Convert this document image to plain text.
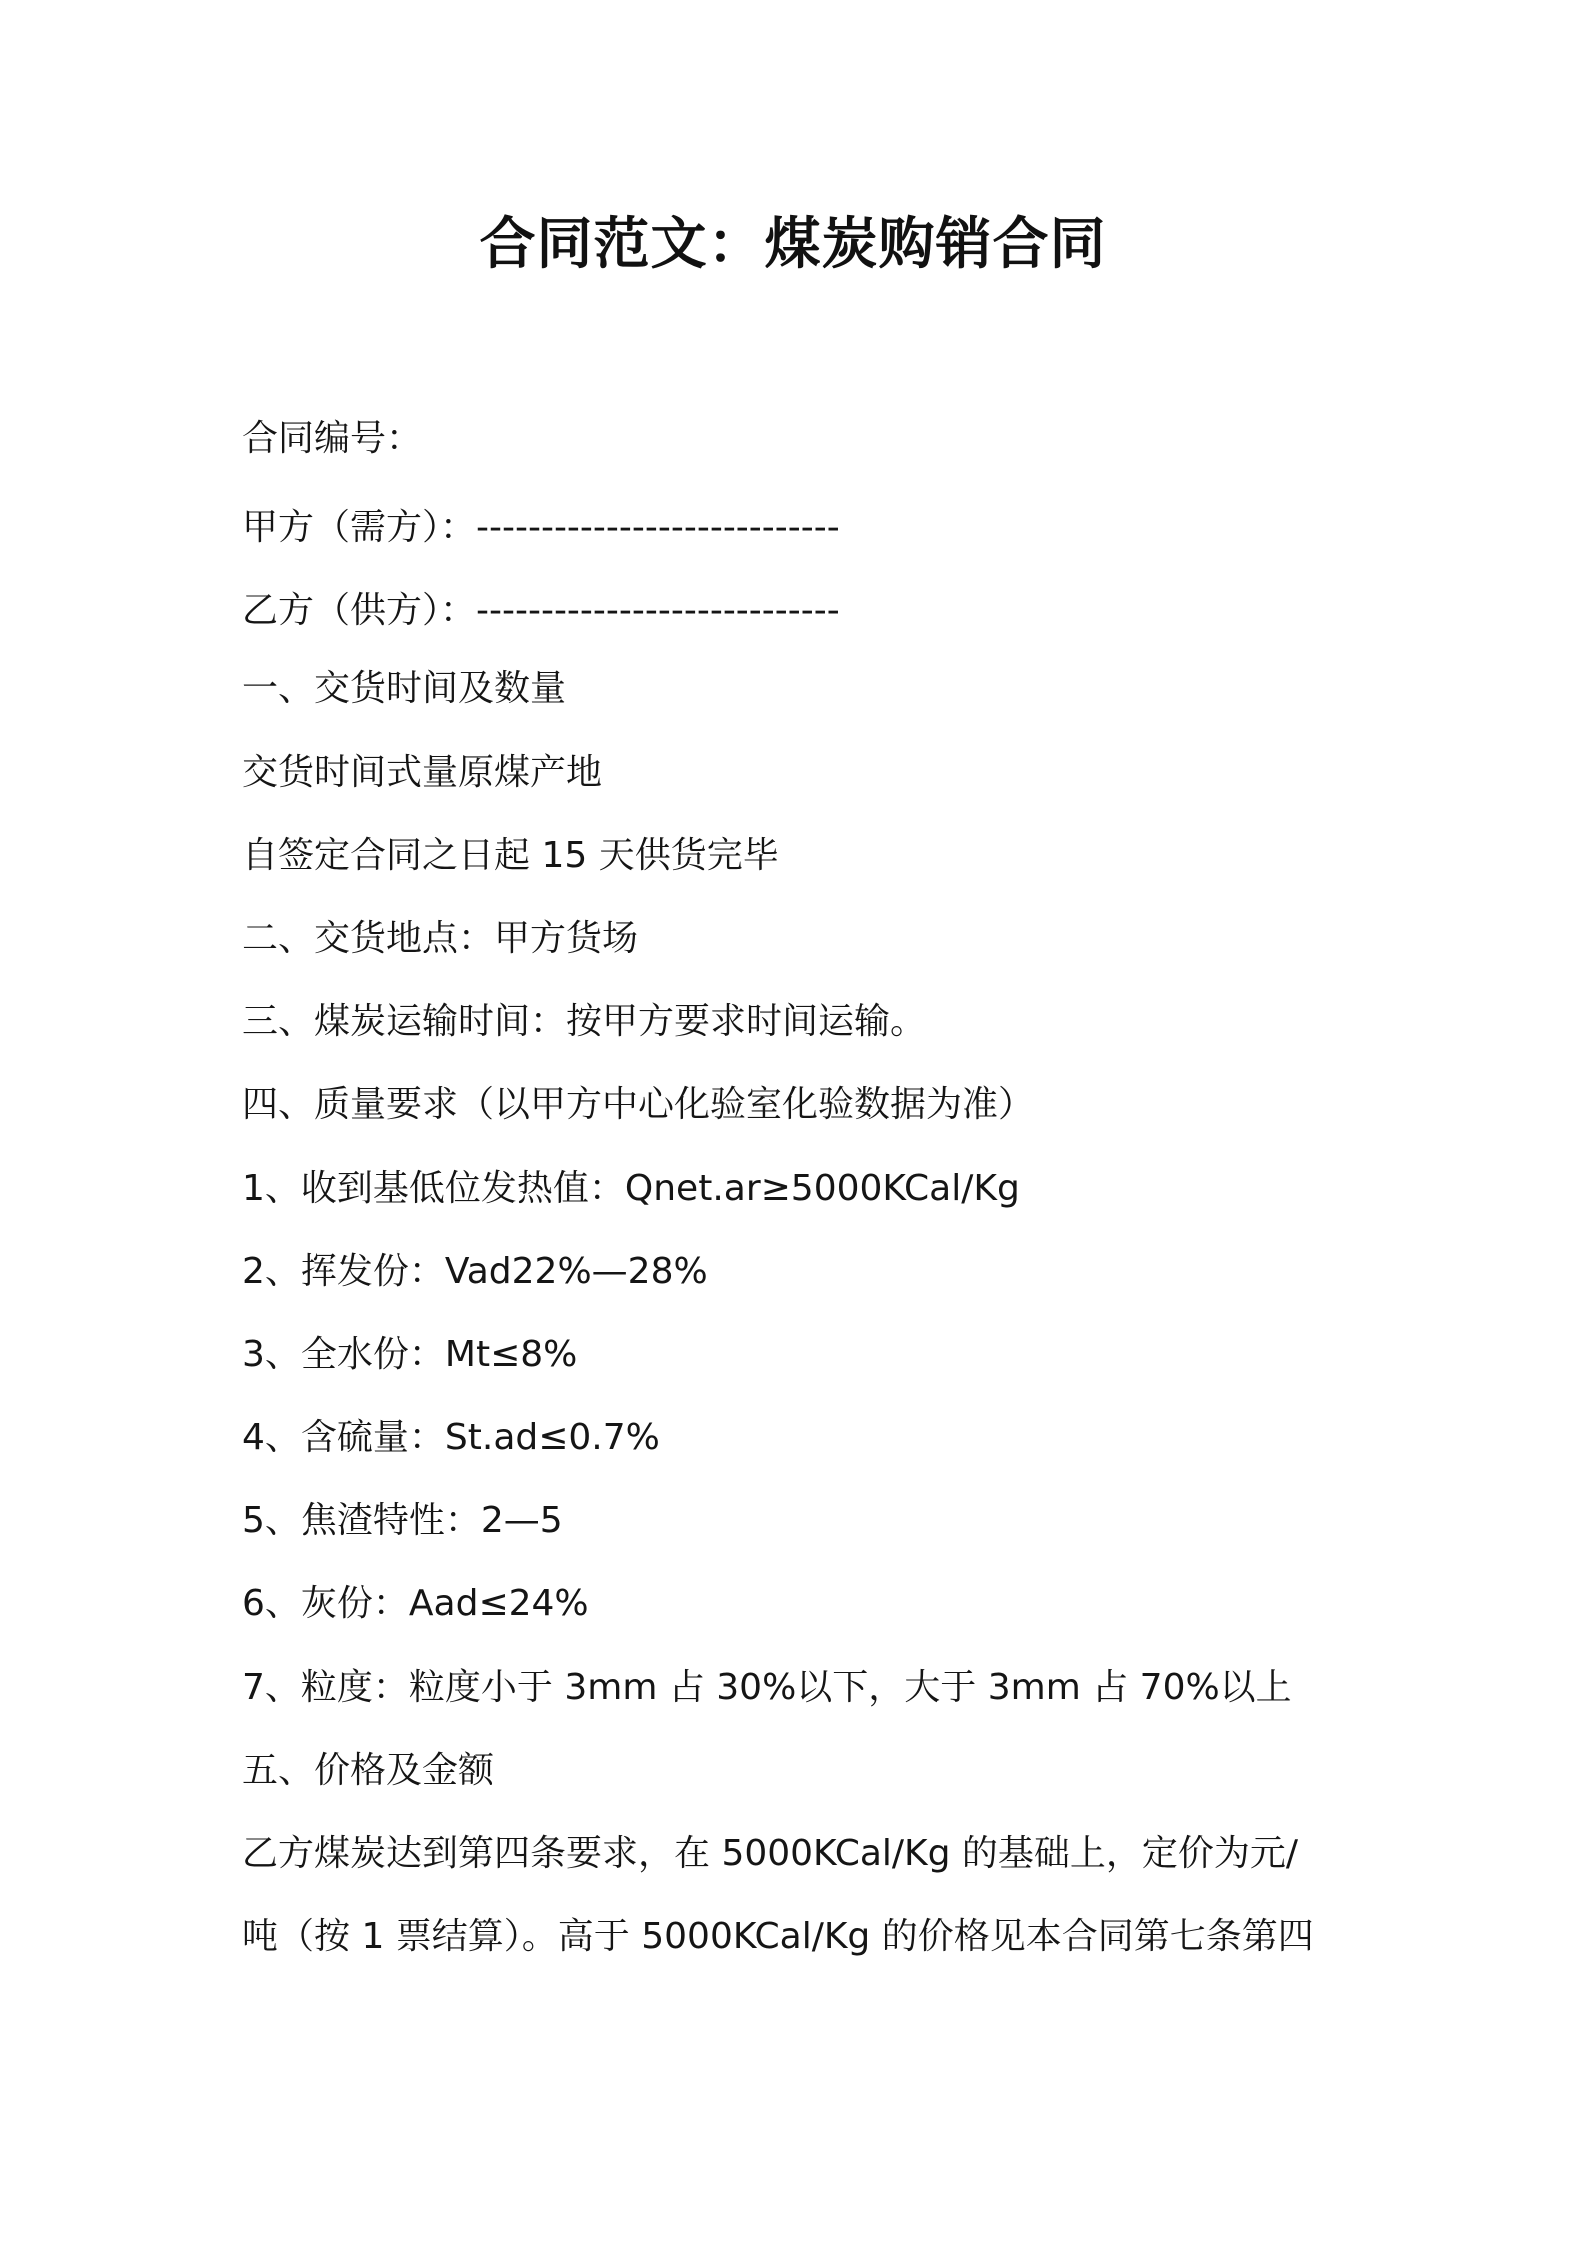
合同范文：煤炭购销合同
合同编号：
甲方（需方）：----------------------------
乙方（供方）：----------------------------
一、交货时间及数量
交货时间式量原煤产地
自签定合同之日起 15 天供货完毕
二、交货地点：甲方货场
三、煤炭运输时间：按甲方要求时间运输。
四、质量要求（以甲方中心化验室化验数据为准）
1、收到基低位发热值：Qnet.ar≥5000KCal/Kg
2、挥发份：Vad22%—28%
3、全水份：Mt≤8%
4、含硫量：St.ad≤0.7%
5、焦渣特性：2—5
6、灰份：Aad≤24%
7、粒度：粒度小于 3mm 占 30%以下，大于 3mm 占 70%以上
五、价格及金额
乙方煤炭达到第四条要求，在 5000KCal/Kg 的基础上，定价为元/
吨（按 1 票结算）。高于 5000KCal/Kg 的价格见本合同第七条第四
